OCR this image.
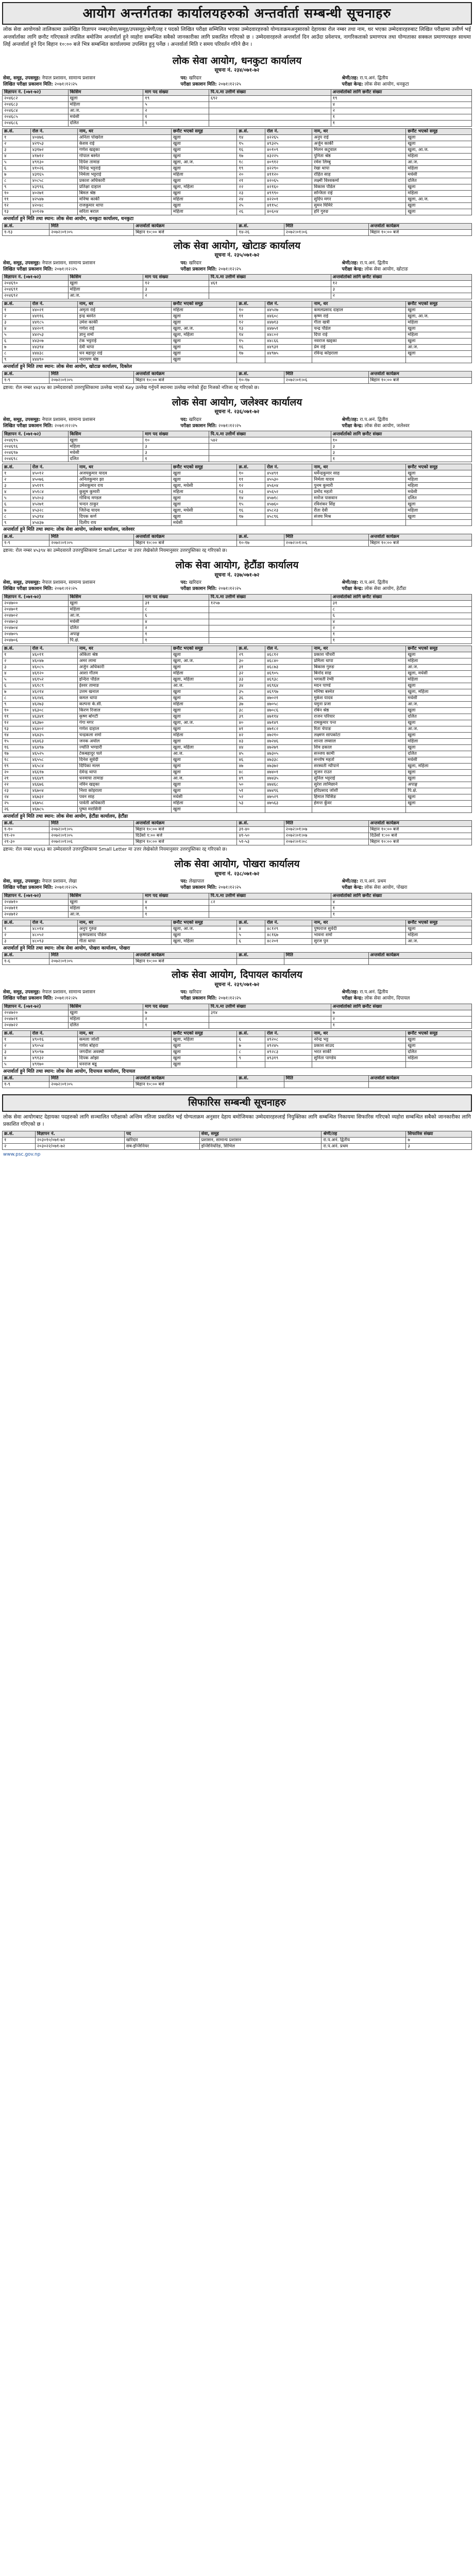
आयोग अन्तर्गतका कार्यालयहरुको अन्तर्वार्ता सम्बन्धी सूचनाहरु
लोक सेवा आयोगको तालिकामा उल्लेखित विज्ञापन नम्बर/सेवा/समूह/उपसमूह/श्रेणी/तह र पदको लिखित परीक्षा सम्मिलित भएका उम्मेदवारहरुको योग्यताक्रमअनुसारको देहायका रोल नम्बर तथा नाम, थर भएका उम्मेदवारहरुबाट लिखित परीक्षामा उत्तीर्ण भई अन्तर्वार्ताका लागि छनौट गरिएकाले तपसिल बमोजिम अन्तर्वार्ता हुने व्यहोरा सम्बन्धित सबैको जानकारीका लागि प्रकाशित गरिएको छ । उम्मेदवारहरुले अन्तर्वार्ता दिन आउँदा प्रवेशपत्र, नागरिकताको प्रमाणपत्र तथा योग्यताका सक्कल प्रमाणपत्रहरु साथमा लिई अन्तर्वार्ता हुने दिन बिहान १०:०० बजे भित्र सम्बन्धित कार्यालयमा उपस्थित हुनु पर्नेछ । अन्तर्वार्ता मिति र समय परिवर्तन गरिने छैन ।
लोक सेवा आयोग, धनकुटा कार्यालय
सूचना नं. २३४/०७१-७२
सेवा, समूह, उपसमूह: नेपाल प्रशासन, सामान्य प्रशासन	पद: खरिदार	श्रेणी/तह: रा.प.अनं. द्वितीय
लिखित परीक्षा प्रकाशन मिति: २०७१।१२।२५	परीक्षा प्रकाशन मिति: २०७१।१२।२५	परीक्षा केन्द्र: लोक सेवा आयोग, धनकुटा
विज्ञापन नं. (०७१-७२)	किसिम	माग पद संख्या	पि.प.मा उत्तीर्ण संख्या	अन्तर्वार्ताको लागि छनौट संख्या
२०४६८२	खुला	१९	६९२	१९
२०४६८३	महिला	५		४
२०४६८४	आ.ज.	२		२
२०४६८५	मधेसी	१		१
२०४६८६	दलित	१		१
क्र.सं.	रोल नं.	नाम, थर	छनौट भएको समूह	क्र.सं.	रोल नं.	नाम, थर	छनौट भएको समूह
१	४०४७६	अनिता पोखरेल	खुला	१४	४२२६५	अनुप राई	खुला
२	४२९५३	केशव राई	खुला	१५	४९३२५	अर्जुन कार्की	खुला
३	४३१७२	गणेश खड्का	खुला	१६	४०१०९	मिलन कटुवाल	खुला, आ.ज.
४	४१७१२	गोपाल बस्नेत	खुला	१७	४३२२५	पुनिता श्रेष्ठ	महिला
५	४९१३०	दिपेश तामाङ	खुला, आ.ज.	१८	४०९१२	रमेश लिम्बु	आ.ज.
६	४१०२६	दिपेन्द्र भट्टराई	खुला	१९	४२२९०	रेखा थापा	महिला
७	४३१६५	निर्मला भट्टराई	महिला	२०	४११२०	रोहित साह	मधेसी
८	४०८५८	प्रकाश अधिकारी	खुला	२१	४२०६५	लक्ष्मी विश्वकर्मा	दलित
९	४३९९६	प्रतिक्षा दाहाल	खुला, महिला	२२	४२१६०	विकास पौडेल	खुला
१०	४०२७१	बिमल श्रेष्ठ	खुला	२३	४९९९०	सन्जिता राई	महिला
११	४२५४७	मनिषा कार्की	महिला	२४	४२२०१	सुदिप मगर	खुला, आ.ज.
१२	४२०४८	राजकुमार थापा	खुला	२५	४११५८	सुमन घिमिरे	खुला
१३	४०१२७	सरिता बराल	महिला	२६	४०६०४	हरि गुरुङ	खुला
अन्तर्वार्ता हुने मिति तथा स्थान: लोक सेवा आयोग, धनकुटा कार्यालय, धनकुटा
क्र.सं.	मिति	अन्तर्वार्ता कार्यक्रम	क्र.सं.	मिति	अन्तर्वार्ता कार्यक्रम
१-१३	२०७२।०१।०५	बिहान १०:०० बजे	१४-२६	२०७२।०१।०६	बिहान १०:०० बजे
लोक सेवा आयोग, खोटाङ कार्यालय
सूचना नं. २३५/०७१-७२
सेवा, समूह, उपसमूह: नेपाल प्रशासन, सामान्य प्रशासन	पद: खरिदार	श्रेणी/तह: रा.प.अनं. द्वितीय
लिखित परीक्षा प्रकाशन मिति: २०७१।१२।२५	परीक्षा प्रकाशन मिति: २०७१।१२।२५	परीक्षा केन्द्र: लोक सेवा आयोग, खोटाङ
विज्ञापन नं. (०७१-७२)	किसिम	माग पद संख्या	पि.प.मा उत्तीर्ण संख्या	अन्तर्वार्ताको लागि छनौट संख्या
२०४६९०	खुला	१२	४६१	१२
२०४६९१	महिला	३		३
२०४६९२	आ.ज.	२		२
क्र.सं.	रोल नं.	नाम, थर	छनौट भएको समूह	क्र.सं.	रोल नं.	नाम, थर	छनौट भएको समूह
१	४४०२१	अमृता राई	महिला	१०	४४५२७	कमलप्रसाद दाहाल	खुला
२	४४११६	इन्द्र बस्नेत	खुला	११	४४६०८	कृष्ण राई	खुला, आ.ज.
३	४४१८५	उमेश कार्की	खुला	१२	४४७१३	गीता खत्री	महिला
४	४४२०९	गणेश राई	खुला, आ.ज.	१३	४४७५१	चन्द्र पौडेल	खुला
५	४४२५३	ज्ञानु शर्मा	खुला, महिला	१४	४४८०२	दिपा राई	महिला
६	४४३०७	टंक भट्टराई	खुला	१५	४४८६६	नवराज खड्का	खुला
७	४४३९४	देवी थापा	खुला	१६	४४९३१	प्रेम राई	आ.ज.
८	४४४३८	धन बहादुर राई	खुला	१७	४४९७५	रविन्द्र कोइराला	खुला
९	४४४९०	नारायण श्रेष्ठ	खुला				
अन्तर्वार्ता हुने मिति तथा स्थान: लोक सेवा आयोग, खोटाङ कार्यालय, दिक्तेल
क्र.सं.	मिति	अन्तर्वार्ता कार्यक्रम	क्र.सं.	मिति	अन्तर्वार्ता कार्यक्रम
१-९	२०७२।०१।०५	बिहान १०:०० बजे	१०-१७	२०७२।०१।०६	बिहान १०:०० बजे
द्रष्टव्य: रोल नम्बर ४४३९४ का उम्मेदवारको उत्तरपुस्तिकामा उल्लेख भएको Key उल्लेख गर्नुपर्ने स्थानमा उल्लेख नगरेको हुँदा निजको नतिजा रद्द गरिएको छ।
लोक सेवा आयोग, जलेश्वर कार्यालय
सूचना नं. २३६/०७१-७२
सेवा, समूह, उपसमूह: नेपाल प्रशासन, सामान्य प्रशासन	पद: खरिदार	श्रेणी/तह: रा.प.अनं. द्वितीय
लिखित परीक्षा प्रकाशन मिति: २०७१।१२।२५	परीक्षा प्रकाशन मिति: २०७१।१२।२५	परीक्षा केन्द्र: लोक सेवा आयोग, जलेश्वर
विज्ञापन नं. (०७१-७२)	किसिम	माग पद संख्या	पि.प.मा उत्तीर्ण संख्या	अन्तर्वार्ताको लागि छनौट संख्या
२०४६९५	खुला	१०	५४२	१०
२०४६९६	महिला	३		३
२०४६९७	मधेसी	३		३
२०४६९८	दलित	१		१
क्र.सं.	रोल नं.	नाम, थर	छनौट भएको समूह	क्र.सं.	रोल नं.	नाम, थर	छनौट भएको समूह
१	४५०१२	अजयकुमार यादव	खुला	१०	४५४९१	धर्मेन्द्रकुमार साह	खुला
२	४५०७६	अनिलकुमार झा	खुला	११	४५५३०	निर्मला यादव	महिला
३	४५११९	उमेशकुमार राय	खुला, मधेसी	१२	४५६०४	पुनम कुमारी	महिला
४	४५१८४	कुसुम कुमारी	महिला	१३	४५६५२	प्रमोद महतो	मधेसी
५	४५२०३	गोविन्द मण्डल	खुला	१४	४५७१८	मनोज पासवान	दलित
६	४५२७१	चन्दन ठाकुर	खुला	१५	४५७६०	रविशंकर सिंह	खुला
७	४५३२८	जितेन्द्र यादव	खुला, मधेसी	१६	४५८२३	रीता देवी	महिला
८	४५३९४	दिपक कर्ण	खुला	१७	४५८९६	संजय मिश्र	खुला
९	४५४३७	दिलीप राय	मधेसी				
अन्तर्वार्ता हुने मिति तथा स्थान: लोक सेवा आयोग, जलेश्वर कार्यालय, जलेश्वर
क्र.सं.	मिति	अन्तर्वार्ता कार्यक्रम	क्र.सं.	मिति	अन्तर्वार्ता कार्यक्रम
१-९	२०७२।०१।०५	बिहान १०:०० बजे	१०-१७	२०७२।०१।०६	बिहान १०:०० बजे
द्रष्टव्य: रोल नम्बर ४५३९४ का उम्मेदवारले उत्तरपुस्तिकामा Small Letter मा उत्तर लेखेकोले नियमानुसार उत्तरपुस्तिका रद्द गरिएको छ।
लोक सेवा आयोग, हेटौंडा कार्यालय
सूचना नं. २३७/०७१-७२
सेवा, समूह, उपसमूह: नेपाल प्रशासन, सामान्य प्रशासन	पद: खरिदार	श्रेणी/तह: रा.प.अनं. द्वितीय
लिखित परीक्षा प्रकाशन मिति: २०७१।१२।२५	परीक्षा प्रकाशन मिति: २०७१।१२।२५	परीक्षा केन्द्र: लोक सेवा आयोग, हेटौंडा
विज्ञापन नं. (०७१-७२)	किसिम	माग पद संख्या	पि.प.मा उत्तीर्ण संख्या	अन्तर्वार्ताको लागि छनौट संख्या
२०४७००	खुला	३१	१२५७	३१
२०४७०१	महिला	८		८
२०४७०२	आ.ज.	६		६
२०४७०३	मधेसी	४		४
२०४७०४	दलित	२		२
२०४७०५	अपाङ्ग	१		१
२०४७०६	पि.क्षे.	१		१
क्र.सं.	रोल नं.	नाम, थर	छनौट भएको समूह	क्र.सं.	रोल नं.	नाम, थर	छनौट भएको समूह
१	४६०११	अंकिता श्रेष्ठ	खुला	२९	४६८१२	प्रकाश चौधरी	खुला
२	४६०४७	अमर लामा	खुला, आ.ज.	३०	४६८४०	प्रमिला थापा	महिला
३	४६०८५	अर्जुन अधिकारी	खुला	३१	४६८७३	बिकास गुरुङ	आ.ज.
४	४६१२०	आशा गौतम	महिला	३२	४६९०५	बिनोद साह	खुला, मधेसी
५	४६१५२	इन्दिरा पौडेल	खुला, महिला	३३	४६९३८	भगवती रेग्मी	महिला
६	४६१८९	ईश्वर तामाङ	आ.ज.	३४	४६९६४	मदन पाण्डे	खुला
७	४६२१४	उत्तम खनाल	खुला	३५	४६९९७	मनिषा बस्नेत	खुला, महिला
८	४६२४६	कमल थापा	खुला	३६	४७०२१	मुकेश यादव	मधेसी
९	४६२७३	कल्पना के.सी.	महिला	३७	४७०५८	यमुना प्रजा	आ.ज.
१०	४६३०८	किरण रिजाल	खुला	३८	४७०८६	रबिन श्रेष्ठ	खुला
११	४६३४१	कृष्ण बोगटी	खुला	३९	४७११४	राजन परियार	दलित
१२	४६३७०	गंगा मगर	खुला, आ.ज.	४०	४७१४९	रामकुमार पन्त	खुला
१३	४६४०२	गणेश दाहाल	खुला	४१	४७१८२	रिता चेपाङ	आ.ज.
१४	४६४३५	चन्द्रकला शर्मा	महिला	४२	४७२१०	लक्ष्मण सापकोटा	खुला
१५	४६४६३	जनक अर्याल	खुला	४३	४७२४६	शान्ता लम्साल	महिला
१६	४६४९७	ज्योति भण्डारी	खुला, महिला	४४	४७२७९	शिव ढकाल	खुला
१७	४६५२५	टेकबहादुर घले	आ.ज.	४५	४७३०५	सञ्जय कामी	दलित
१८	४६५५८	दिनेश सुवेदी	खुला	४६	४७३३८	सन्तोष महतो	मधेसी
१९	४६५८४	दिपिका मल्ल	खुला	४७	४७३७२	सरस्वती न्यौपाने	खुला, महिला
२०	४६६१७	देवेन्द्र थापा	खुला	४८	४७४०१	सुजन राउत	खुला
२१	४६६४९	धनमाया तामाङ	आ.ज.	४९	४७४३५	सुनिल भट्टराई	खुला
२२	४६६७६	नविन खड्का	खुला	५०	४७४६८	सुरेश लामिछाने	अपाङ्ग
२३	४६७०४	निशा कोइराला	खुला	५१	४७४९६	हरिप्रसाद जोशी	पि.क्षे.
२४	४६७३२	पवन साह	मधेसी	५२	४७५२९	हिमाल घिसिङ	खुला
२५	४६७५८	पार्वती अधिकारी	महिला	५३	४७५६३	हेमन्त कुँवर	खुला
२६	४६७८५	पुष्पा मरासिनी	खुला				
अन्तर्वार्ता हुने मिति तथा स्थान: लोक सेवा आयोग, हेटौंडा कार्यालय, हेटौंडा
क्र.सं.	मिति	अन्तर्वार्ता कार्यक्रम	क्र.सं.	मिति	अन्तर्वार्ता कार्यक्रम
१-१०	२०७२।०१।०५	बिहान १०:०० बजे	३१-४०	२०७२।०१।०७	बिहान १०:०० बजे
११-२०	२०७२।०१।०५	दिउँसो १:०० बजे	४१-५०	२०७२।०१।०७	दिउँसो १:०० बजे
२१-३०	२०७२।०१।०६	बिहान १०:०० बजे	५१-५३	२०७२।०१।०८	बिहान १०:०० बजे
द्रष्टव्य: रोल नम्बर ४६४६३ का उम्मेदवारले उत्तरपुस्तिकामा Small Letter मा उत्तर लेखेकोले नियमानुसार उत्तरपुस्तिका रद्द गरिएको छ।
लोक सेवा आयोग, पोखरा कार्यालय
सूचना नं. २३८/०७१-७२
सेवा, समूह, उपसमूह: नेपाल प्रशासन, लेखा	पद: लेखापाल	श्रेणी/तह: रा.प.अनं. प्रथम
लिखित परीक्षा प्रकाशन मिति: २०७१।१२।२५	परीक्षा प्रकाशन मिति: २०७१।१२।२५	परीक्षा केन्द्र: लोक सेवा आयोग, पोखरा
विज्ञापन नं. (०७१-७२)	किसिम	माग पद संख्या	पि.प.मा उत्तीर्ण संख्या	अन्तर्वार्ताको लागि छनौट संख्या
२०४७१०	खुला	४	८२	४
२०४७११	महिला	१		१
२०४७१२	आ.ज.	१		१
क्र.सं.	रोल नं.	नाम, थर	छनौट भएको समूह	क्र.सं.	रोल नं.	नाम, थर	छनौट भएको समूह
१	४८०१४	अनुप गुरुङ	खुला, आ.ज.	४	४८१२९	पुष्पराज सुवेदी	खुला
२	४८०५२	कृष्णप्रसाद पौडेल	खुला	५	४८१६७	भावना शर्मा	महिला
३	४८०९३	गीता थापा	खुला, महिला	६	४८२०१	सुरज पुन	आ.ज.
अन्तर्वार्ता हुने मिति तथा स्थान: लोक सेवा आयोग, पोखरा कार्यालय, पोखरा
क्र.सं.	मिति	अन्तर्वार्ता कार्यक्रम	क्र.सं.	मिति	अन्तर्वार्ता कार्यक्रम
१-६	२०७२।०१।०५	बिहान १०:०० बजे			
लोक सेवा आयोग, दिपायल कार्यालय
सूचना नं. २३९/०७१-७२
सेवा, समूह, उपसमूह: नेपाल प्रशासन, सामान्य प्रशासन	पद: खरिदार	श्रेणी/तह: रा.प.अनं. द्वितीय
लिखित परीक्षा प्रकाशन मिति: २०७१।१२।२५	परीक्षा प्रकाशन मिति: २०७१।१२।२५	परीक्षा केन्द्र: लोक सेवा आयोग, दिपायल
विज्ञापन नं. (०७१-७२)	किसिम	माग पद संख्या	पि.प.मा उत्तीर्ण संख्या	अन्तर्वार्ताको लागि छनौट संख्या
२०४७२०	खुला	७	३१४	७
२०४७२१	महिला	२		२
२०४७२२	दलित	१		१
क्र.सं.	रोल नं.	नाम, थर	छनौट भएको समूह	क्र.सं.	रोल नं.	नाम, थर	छनौट भएको समूह
१	४९०१६	कमला जोशी	खुला, महिला	६	४९२०८	नरेन्द्र भट्ट	खुला
२	४९०५४	गणेश बोहरा	खुला	७	४९२४५	प्रकाश साउद	खुला
३	४९०९७	जगदीश अवस्थी	खुला	८	४९२८३	भरत सार्की	दलित
४	४९१३२	दिपक ओझा	खुला	९	४९३१९	सुनिता पाण्डेय	महिला
५	४९१७०	धनराज बडू	खुला				
अन्तर्वार्ता हुने मिति तथा स्थान: लोक सेवा आयोग, दिपायल कार्यालय, दिपायल
क्र.सं.	मिति	अन्तर्वार्ता कार्यक्रम	क्र.सं.	मिति	अन्तर्वार्ता कार्यक्रम
१-९	२०७२।०१।०५	बिहान १०:०० बजे			
सिफारिस सम्बन्धी सूचनाहरु
लोक सेवा आयोगबाट देहायका पदहरुको लागि सञ्चालित परीक्षाको अन्तिम नतिजा प्रकाशित भई योग्यताक्रम अनुसार देहाय बमोजिमका उम्मेदवारहरुलाई नियुक्तिका लागि सम्बन्धित निकायमा सिफारिस गरिएको व्यहोरा सम्बन्धित सबैको जानकारीका लागि प्रकाशित गरिएको छ ।
क्र.सं.	विज्ञापन नं.	पद	सेवा, समूह	श्रेणी/तह	सिफारिस संख्या
१	२०३०१०/०७१-७२	खरिदार	प्रशासन, सामान्य प्रशासन	रा.प.अनं. द्वितीय	७
२	२०३०२२/०७१-७२	सब-इन्जिनियर	इन्जिनियरिङ, सिभिल	रा.प.अनं. प्रथम	३
www.psc.gov.np
